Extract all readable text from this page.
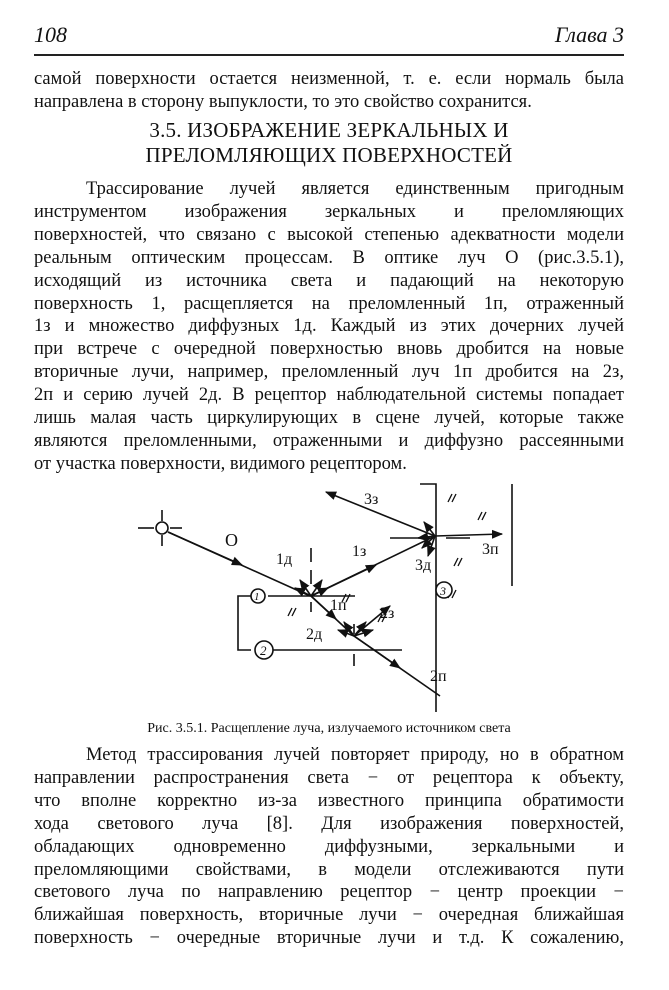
108	Глава 3

самой поверхности остается неизменной, т. е. если нормаль была

направлена в сторону выпуклости, то это свойство сохранится.

3.5. ИЗОБРАЖЕНИЕ ЗЕРКАЛЬНЫХ И
ПРЕЛОМЛЯЮЩИХ ПОВЕРХНОСТЕЙ

Трассирование лучей является единственным пригодным

инструментом изображения зеркальных и преломляющих

поверхностей, что связано с высокой степенью адекватности модели

реальным оптическим процессам. В оптике луч О (рис.3.5.1),

исходящий из источника света и падающий на некоторую

поверхность 1, расщепляется на преломленный 1п, отраженный

1з и множество диффузных 1д. Каждый из этих дочерних лучей

при встрече с очередной поверхностью вновь дробится на новые

вторичные лучи, например, преломленный луч 1п дробится на 2з,

2п и серию лучей 2д. В рецептор наблюдательной системы попадает

лишь малая часть циркулирующих в сцене лучей, которые также

являются преломленными, отраженными и диффузно рассеянными

от участка поверхности, видимого рецептором.

О
1д	1з
1п 2з
2д
2п
3з
3д
3п
1
2
3
Рис. 3.5.1. Расщепление луча, излучаемого источником света

Метод трассирования лучей повторяет природу, но в обратном

направлении распространения света − от рецептора к объекту,

что вполне корректно из-за известного принципа обратимости

хода светового луча [8]. Для изображения поверхностей,

обладающих одновременно диффузными, зеркальными и

преломляющими свойствами, в модели отслеживаются пути

светового луча по направлению рецептор − центр проекции −

ближайшая поверхность, вторичные лучи − очередная ближайшая

поверхность − очередные вторичные лучи и т.д. К сожалению,
